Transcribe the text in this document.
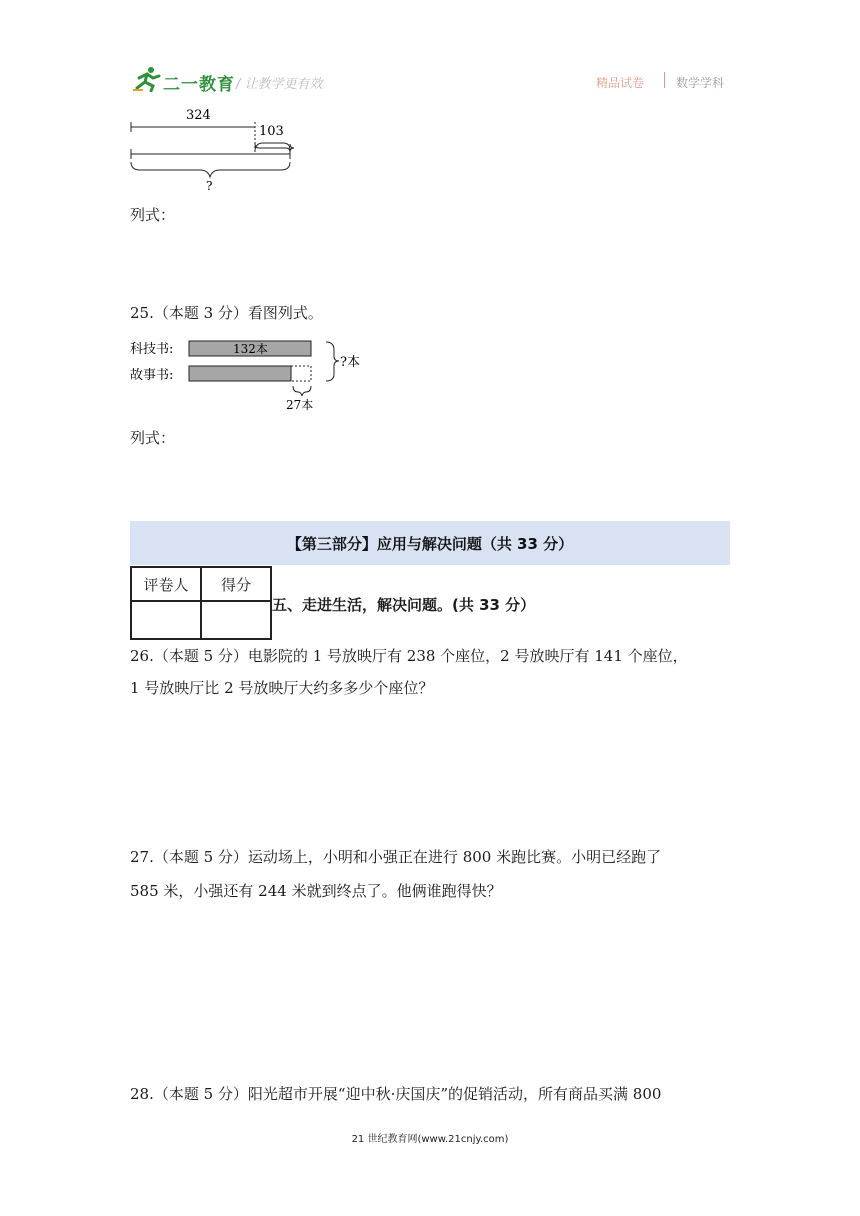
二一教育 / 让教学更有效	精品试卷	数学学科
324
103
?
列式：
25.（本题 3 分）看图列式。
科技书:	132本
故事书:
27本
?本
列式：
【第三部分】应用与解决问题（共 33 分）
评卷人	得分

五、走进生活，解决问题。(共 33 分）
26.（本题 5 分）电影院的 1 号放映厅有 238 个座位，2 号放映厅有 141 个座位，
1 号放映厅比 2 号放映厅大约多多少个座位？
27.（本题 5 分）运动场上，小明和小强正在进行 800 米跑比赛。小明已经跑了
585 米，小强还有 244 米就到终点了。他俩谁跑得快？
28.（本题 5 分）阳光超市开展“迎中秋·庆国庆”的促销活动，所有商品买满 800
21 世纪教育网(www.21cnjy.com)
